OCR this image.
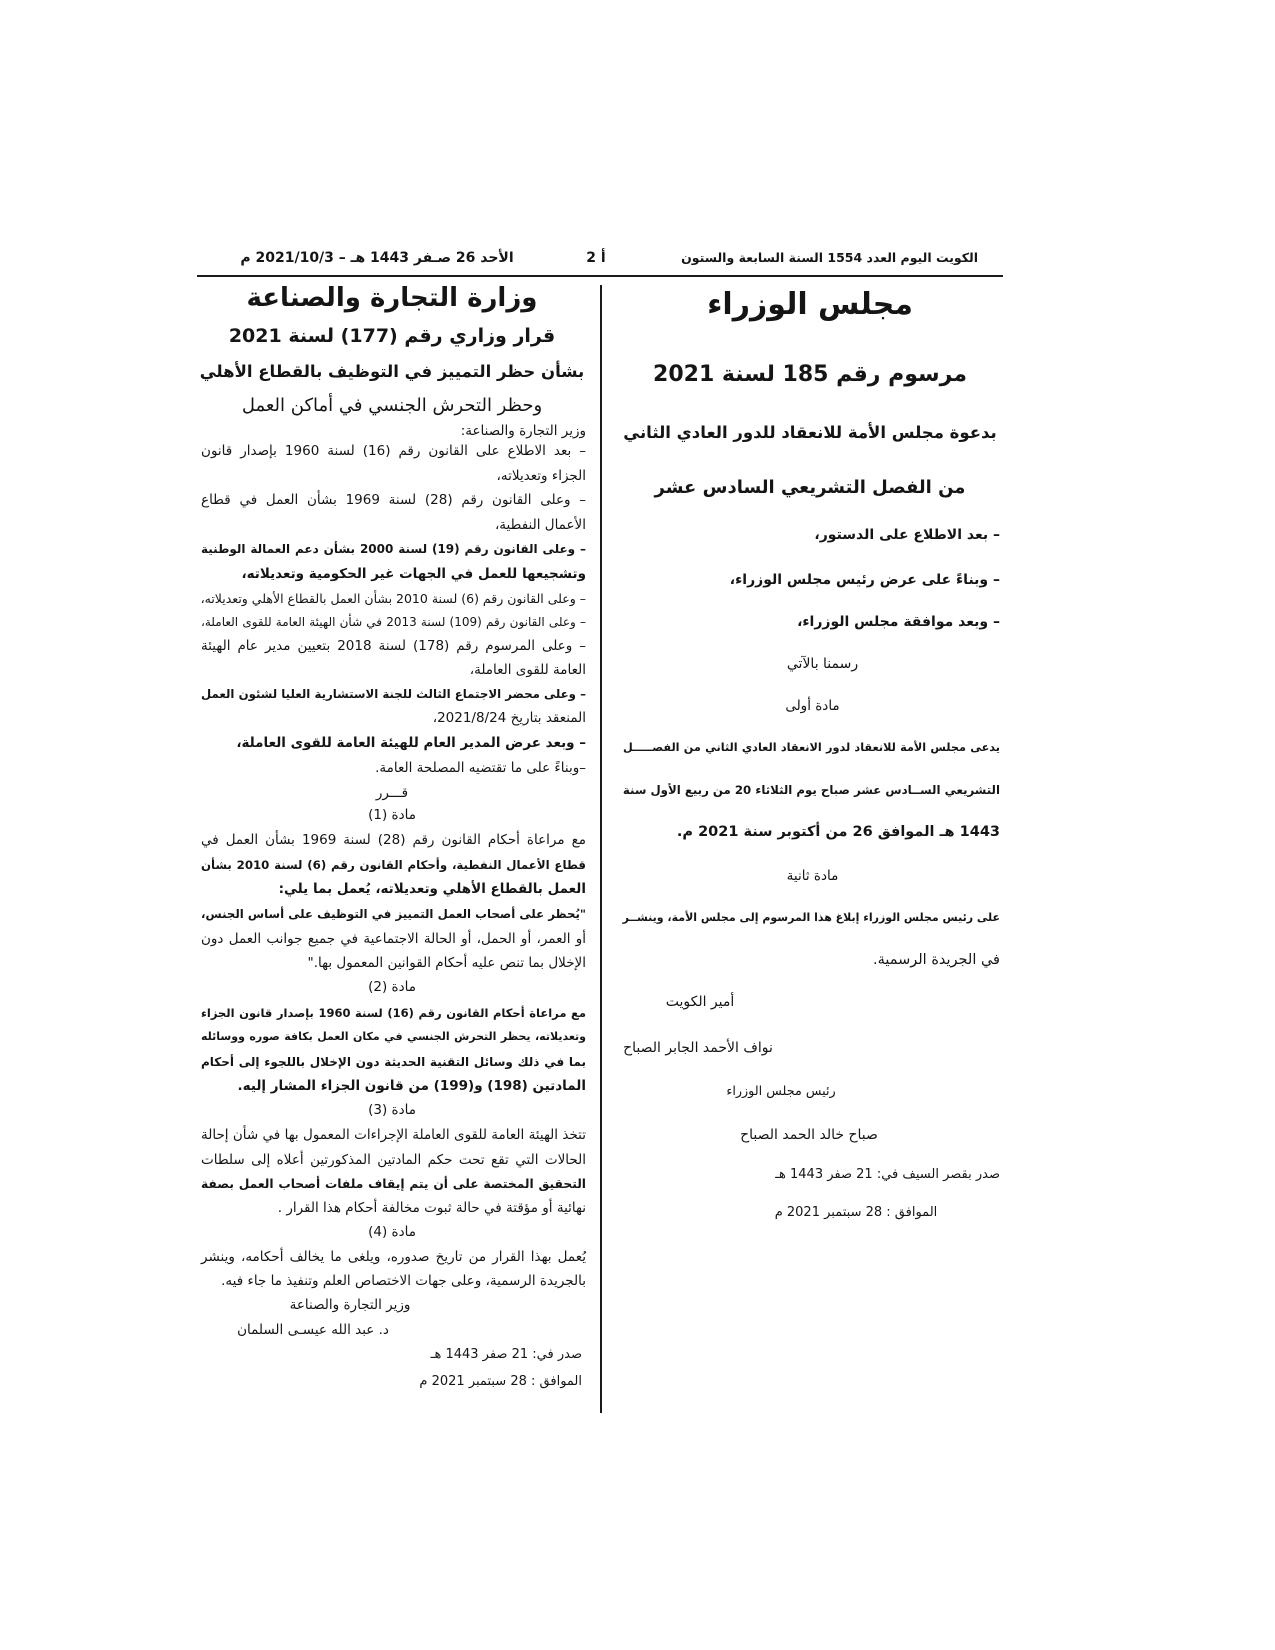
الكويت اليوم العدد 1554 السنة السابعة والستون
أ 2
الأحد 26 صـفر 1443 هـ – 2021/10/3 م
مجلس الوزراء
مرسوم رقم 185 لسنة 2021
بدعوة مجلس الأمة للانعقاد للدور العادي الثاني
من الفصل التشريعي السادس عشر
– بعد الاطلاع على الدستور،
– وبناءً على عرض رئيس مجلس الوزراء،
– وبعد موافقة مجلس الوزراء،
رسمنا بالآتي
مادة أولى
يدعى مجلس الأمة للانعقاد لدور الانعقاد العادي الثاني من الفصـــــل
التشريعي الســادس عشر صباح يوم الثلاثاء 20 من ربيع الأول سنة
1443 هـ الموافق 26 من أكتوبر سنة 2021 م.
مادة ثانية
على رئيس مجلس الوزراء إبلاغ هذا المرسوم إلى مجلس الأمة، وينشــر
في الجريدة الرسمية.
أمير الكويت
نواف الأحمد الجابر الصباح
رئيس مجلس الوزراء
صباح خالد الحمد الصباح
صدر بقصر السيف في: 21 صفر 1443 هـ
الموافق : 28 سبتمبر 2021 م
وزارة التجارة والصناعة
قرار وزاري رقم (177) لسنة 2021
بشأن حظر التمييز في التوظيف بالقطاع الأهلي
وحظر التحرش الجنسي في أماكن العمل
وزير التجارة والصناعة:
– بعد الاطلاع على القانون رقم (16) لسنة 1960 بإصدار قانون
الجزاء وتعديلاته،
– وعلى القانون رقم (28) لسنة 1969 بشأن العمل في قطاع
الأعمال النفطية،
– وعلى القانون رقم (19) لسنة 2000 بشأن دعم العمالة الوطنية
وتشجيعها للعمل في الجهات غير الحكومية وتعديلاته،
– وعلى القانون رقم (6) لسنة 2010 بشأن العمل بالقطاع الأهلي وتعديلاته،
– وعلى القانون رقم (109) لسنة 2013 في شأن الهيئة العامة للقوى العاملة،
– وعلى المرسوم رقم (178) لسنة 2018 بتعيين مدير عام الهيئة
العامة للقوى العاملة،
– وعلى محضر الاجتماع الثالث للجنة الاستشارية العليا لشئون العمل
المنعقد بتاريخ 2021/8/24،
– وبعد عرض المدير العام للهيئة العامة للقوى العاملة،
–وبناءً على ما تقتضيه المصلحة العامة.
قـــرر
مادة (1)
مع مراعاة أحكام القانون رقم (28) لسنة 1969 بشأن العمل في
قطاع الأعمال النفطية، وأحكام القانون رقم (6) لسنة 2010 بشأن
العمل بالقطاع الأهلي وتعديلاته، يُعمل بما يلي:
"يُحظر على أصحاب العمل التمييز في التوظيف على أساس الجنس،
أو العمر، أو الحمل، أو الحالة الاجتماعية في جميع جوانب العمل دون
الإخلال بما تنص عليه أحكام القوانين المعمول بها."
مادة (2)
مع مراعاة أحكام القانون رقم (16) لسنة 1960 بإصدار قانون الجزاء
وتعديلاته، يحظر التحرش الجنسي في مكان العمل بكافة صوره ووسائله
بما في ذلك وسائل التقنية الحديثة دون الإخلال باللجوء إلى أحكام
المادتين (198) و(199) من قانون الجزاء المشار إليه.
مادة (3)
تتخذ الهيئة العامة للقوى العاملة الإجراءات المعمول بها في شأن إحالة
الحالات التي تقع تحت حكم المادتين المذكورتين أعلاه إلى سلطات
التحقيق المختصة على أن يتم إيقاف ملفات أصحاب العمل بصفة
نهائية أو مؤقتة في حالة ثبوت مخالفة أحكام هذا القرار .
مادة (4)
يُعمل بهذا القرار من تاريخ صدوره، ويلغى ما يخالف أحكامه، وينشر
بالجريدة الرسمية، وعلى جهات الاختصاص العلم وتنفيذ ما جاء فيه.
وزير التجارة والصناعة
د. عبد الله عيسـى السلمان
صدر في: 21 صفر 1443 هـ
الموافق : 28 سبتمبر 2021 م
